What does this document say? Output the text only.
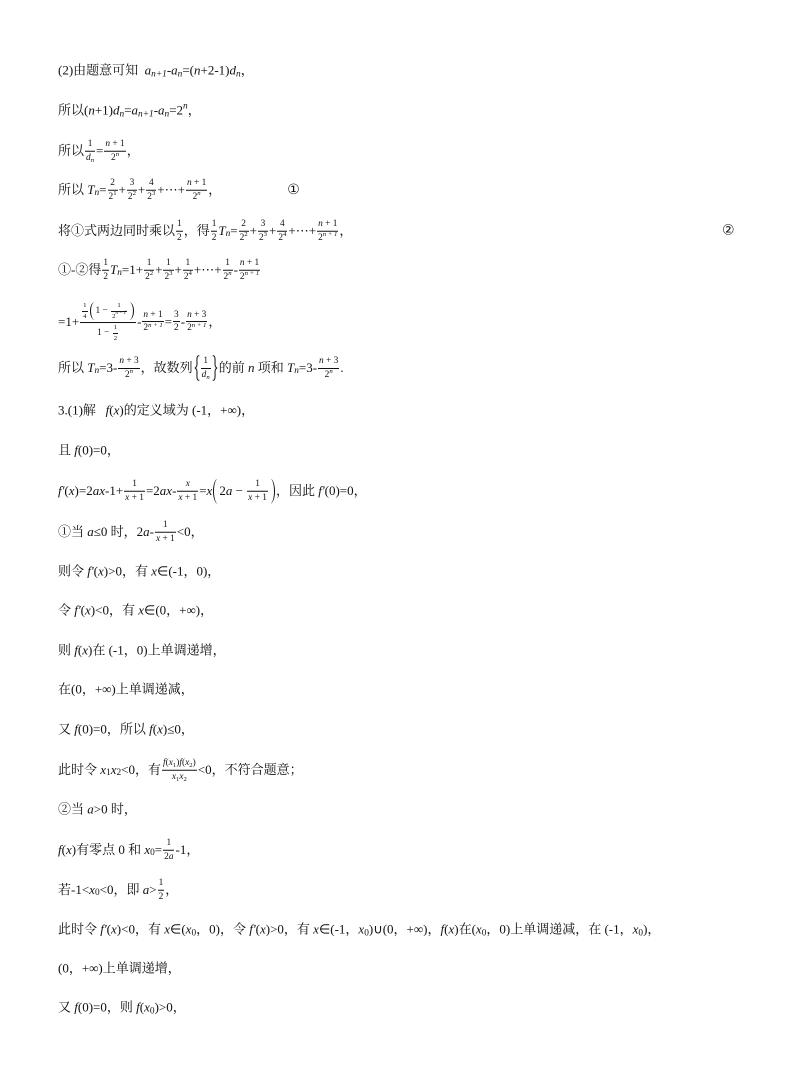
(2)由题意可知 a n+1 - a n =( n +2-1) d n ，
所以( n +1) d n = a n+1 - a n =2 n ，
所以 $\frac{1}{\text{d n}} = \frac{n + 1}{2 n}$ ，
所以 T $n = \frac{2}{2 1} + \frac{3}{2 2} + \frac{4}{2 3}$ +⋯+ $\frac{n + 1}{2 n}$ ，	①
将①式两边同时乘以 $\frac{1}{2}$ ，得 $\frac{1}{2}$ T $n = \frac{2}{2 2} + \frac{3}{2 3} + \frac{4}{2 4}$ +⋯+ $\frac{n + 1}{2 n + 1}$ ，	②
①-②得 $\frac{1}{2}$ T $n =1+ \frac{1}{2 2} + \frac{1}{2 3} + \frac{1}{2 4}$ +⋯+ $\frac{1}{2 n} - \frac{n + 1}{2 n + 1}$
$=1+ \frac{\frac{1}{4} 1 - \frac{1}{2 n - 1}}{1 - \frac{1}{2}} - \frac{n + 1}{2 n + 1} = \frac{3}{2} - \frac{n + 3}{2 n + 1}$ ，
所以 T $n =3- \frac{n + 3}{2 n}$ ，故数列 $\frac{1}{\text{d n}}$ 的前 n 项和 T $n =3- \frac{n + 3}{2 n}$ .
3.(1)解 f ( x )的定义域为 (-1，+∞)，
且 f (0)=0，
f' ( x )=2 ax $-1+ \frac{1}{x + 1} =2$ ax - $\frac{x}{x + 1} = x$ 2 $a - \frac{1}{x + 1}$ ，因此 f' (0)=0，
①当 a ≤0 时，2 $a - \frac{1}{x + 1} <0$，
则令 f' ( x )>0，有 x ∈(-1，0)，
令 f' ( x )<0，有 x ∈(0，+∞)，
则 f ( x )在 (-1，0)上单调递增，
在(0，+∞)上单调递减，
又 f (0)=0，所以 f ( x )≤0，
此时令 x 1 x 2 <0，有 $\frac{f ( x 1 ) f ( x 2 )}{x 1 x 2} <0$，不符合题意；
②当 a >0 时，
f ( x )有零点 0 和 x $0 = \frac{1}{2 a} -1$，
若-1< x 0 <0，即 $a > \frac{1}{2}$ ，
此时令 f' ( x )<0，有 x ∈( x 0 ，0)，令 f' ( x )>0，有 x ∈(-1， x 0 )∪(0，+∞)， f ( x )在( x 0 ，0)上单调递减，在 (-1， x 0 )，
(0，+∞)上单调递增，
又 f (0)=0，则 f ( x 0 )>0，
